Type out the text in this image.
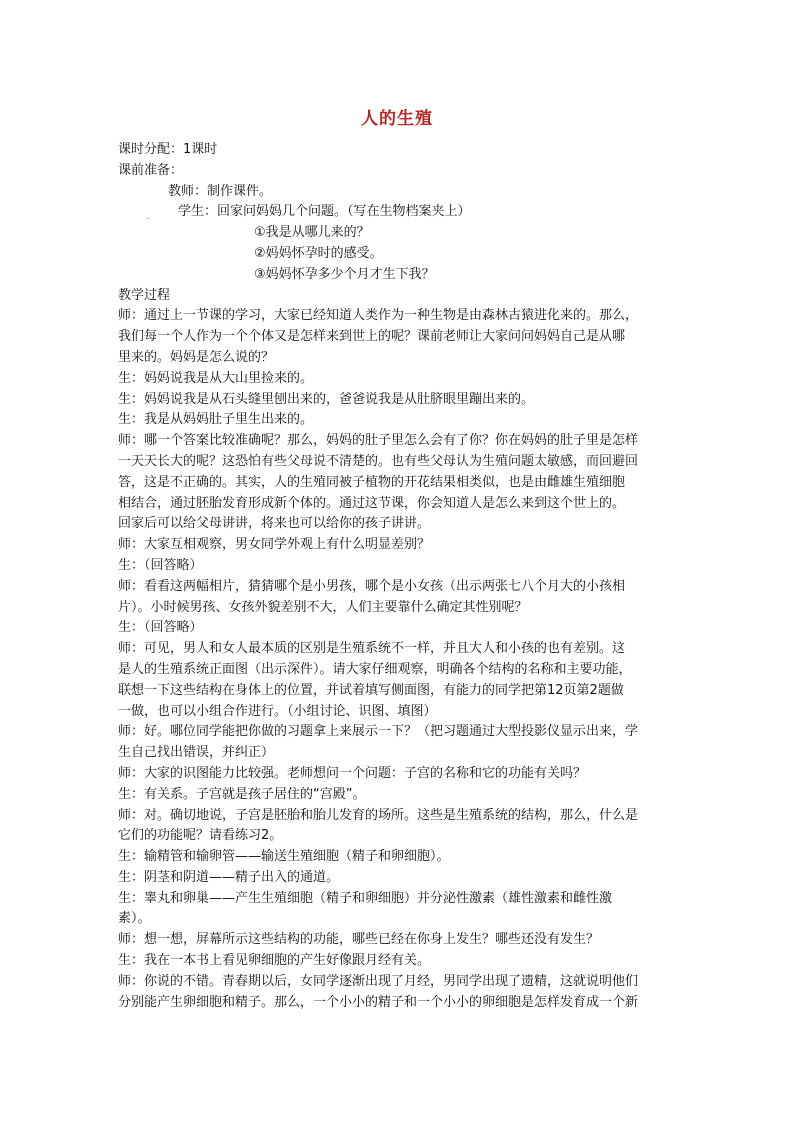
人的生殖
.
课时分配：1课时
课前准备：
教师：制作课件。
学生：回家问妈妈几个问题。（写在生物档案夹上）
①我是从哪儿来的？
②妈妈怀孕时的感受。
③妈妈怀孕多少个月才生下我？
教学过程
师：通过上一节课的学习，大家已经知道人类作为一种生物是由森林古猿进化来的。那么，
我们每一个人作为一个个体又是怎样来到世上的呢？课前老师让大家问问妈妈自己是从哪
里来的。妈妈是怎么说的？
生：妈妈说我是从大山里捡来的。
生：妈妈说我是从石头缝里刨出来的，爸爸说我是从肚脐眼里蹦出来的。
生：我是从妈妈肚子里生出来的。
师：哪一个答案比较准确呢？那么，妈妈的肚子里怎么会有了你？你在妈妈的肚子里是怎样
一天天长大的呢？这恐怕有些父母说不清楚的。也有些父母认为生殖问题太敏感，而回避回
答，这是不正确的。其实，人的生殖同被子植物的开花结果相类似，也是由雌雄生殖细胞
相结合，通过胚胎发育形成新个体的。通过这节课，你会知道人是怎么来到这个世上的。
回家后可以给父母讲讲，将来也可以给你的孩子讲讲。
师：大家互相观察，男女同学外观上有什么明显差别？
生：（回答略）
师：看看这两幅相片，猜猜哪个是小男孩，哪个是小女孩（出示两张七八个月大的小孩相
片）。小时候男孩、女孩外貌差别不大，人们主要靠什么确定其性别呢？
生：（回答略）
师：可见，男人和女人最本质的区别是生殖系统不一样，并且大人和小孩的也有差别。这
是人的生殖系统正面图（出示深件）。请大家仔细观察，明确各个结构的名称和主要功能，
联想一下这些结构在身体上的位置，并试着填写侧面图，有能力的同学把第12页第2题做
一做，也可以小组合作进行。（小组讨论、识图、填图）
师：好。哪位同学能把你做的习题拿上来展示一下？（把习题通过大型投影仪显示出来，学
生自己找出错误，并纠正）
师：大家的识图能力比较强。老师想问一个问题：子宫的名称和它的功能有关吗？
生：有关系。子宫就是孩子居住的“宫殿”。
师：对。确切地说，子宫是胚胎和胎儿发育的场所。这些是生殖系统的结构，那么，什么是
它们的功能呢？请看练习2。
生：输精管和输卵管——输送生殖细胞（精子和卵细胞）。
生：阴茎和阴道——精子出入的通道。
生：睾丸和卵巢——产生生殖细胞（精子和卵细胞）并分泌性激素（雄性激素和雌性激
素）。
师：想一想，屏幕所示这些结构的功能，哪些已经在你身上发生？哪些还没有发生？
生：我在一本书上看见卵细胞的产生好像跟月经有关。
师：你说的不错。青春期以后，女同学逐渐出现了月经，男同学出现了遗精，这就说明他们
分别能产生卵细胞和精子。那么，一个小小的精子和一个小小的卵细胞是怎样发育成一个新
